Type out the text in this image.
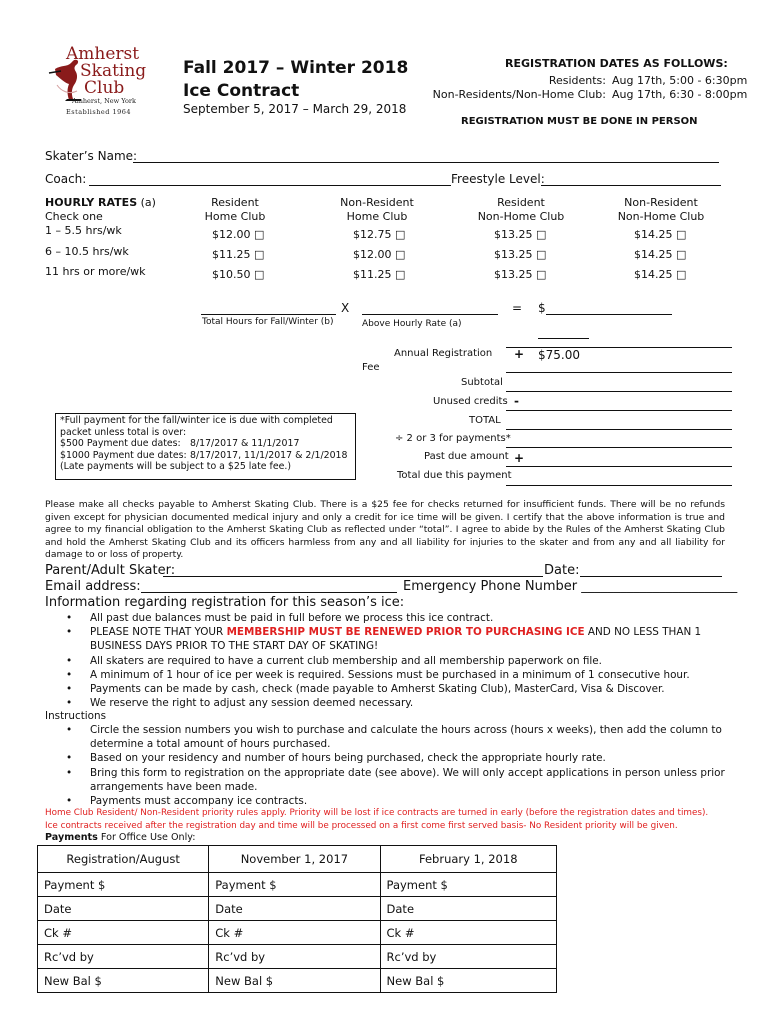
Amherst
Skating
Club
Amherst, New York
Established 1964
Fall 2017 – Winter 2018
Ice Contract
September 5, 2017 – March 29, 2018
REGISTRATION DATES AS FOLLOWS:
Residents: Aug 17th, 5:00 - 6:30pm
Non-Residents/Non-Home Club: Aug 17th, 6:30 - 8:00pm
REGISTRATION MUST BE DONE IN PERSON
Skater’s Name:
Coach:	Freestyle Level:
HOURLY RATES (a)
Check one
Resident
Home Club
Non-Resident
Home Club
Resident
Non-Home Club
Non-Resident
Non-Home Club
1 – 5.5 hrs/wk	$12.00 □	$12.75 □	$13.25 □	$14.25 □
6 – 10.5 hrs/wk	$11.25 □	$12.00 □	$13.25 □	$14.25 □
11 hrs or more/wk	$10.50 □	$11.25 □	$13.25 □	$14.25 □
X	= $
Total Hours for Fall/Winter (b)	Above Hourly Rate (a)
Annual Registration + $75.00
Fee
Subtotal
Unused credits -
TOTAL
÷ 2 or 3 for payments*
Past due amount +
Total due this payment
*Full payment for the fall/winter ice is due with completed
packet unless total is over:
$500 Payment due dates: 8/17/2017 & 11/1/2017
$1000 Payment due dates: 8/17/2017, 11/1/2017 & 2/1/2018
(Late payments will be subject to a $25 late fee.)
Please make all checks payable to Amherst Skating Club. There is a $25 fee for checks returned for insufficient funds. There will be no refunds given except for physician documented medical injury and only a credit for ice time will be given. I certify that the above information is true and agree to my financial obligation to the Amherst Skating Club as reflected under “total”. I agree to abide by the Rules of the Amherst Skating Club and hold the Amherst Skating Club and its officers harmless from any and all liability for injuries to the skater and from any and all liability for damage to or loss of property.
Parent/Adult Skater:	Date:
Email address:	Emergency Phone Number ________________________
Information regarding registration for this season’s ice:
• All past due balances must be paid in full before we process this ice contract.
• PLEASE NOTE THAT YOUR MEMBERSHIP MUST BE RENEWED PRIOR TO PURCHASING ICE AND NO LESS THAN 1
BUSINESS DAYS PRIOR TO THE START DAY OF SKATING!
• All skaters are required to have a current club membership and all membership paperwork on file.
• A minimum of 1 hour of ice per week is required. Sessions must be purchased in a minimum of 1 consecutive hour.
• Payments can be made by cash, check (made payable to Amherst Skating Club), MasterCard, Visa & Discover.
• We reserve the right to adjust any session deemed necessary.
Instructions
• Circle the session numbers you wish to purchase and calculate the hours across (hours x weeks), then add the column to
determine a total amount of hours purchased.
• Based on your residency and number of hours being purchased, check the appropriate hourly rate.
• Bring this form to registration on the appropriate date (see above). We will only accept applications in person unless prior
arrangements have been made.
• Payments must accompany ice contracts.
Home Club Resident/ Non-Resident priority rules apply. Priority will be lost if ice contracts are turned in early (before the registration dates and times).
Ice contracts received after the registration day and time will be processed on a first come first served basis- No Resident priority will be given.
Payments For Office Use Only:
Registration/August	November 1, 2017	February 1, 2018
Payment $	Payment $	Payment $
Date	Date	Date
Ck #	Ck #	Ck #
Rc’vd by	Rc’vd by	Rc’vd by
New Bal $	New Bal $	New Bal $
